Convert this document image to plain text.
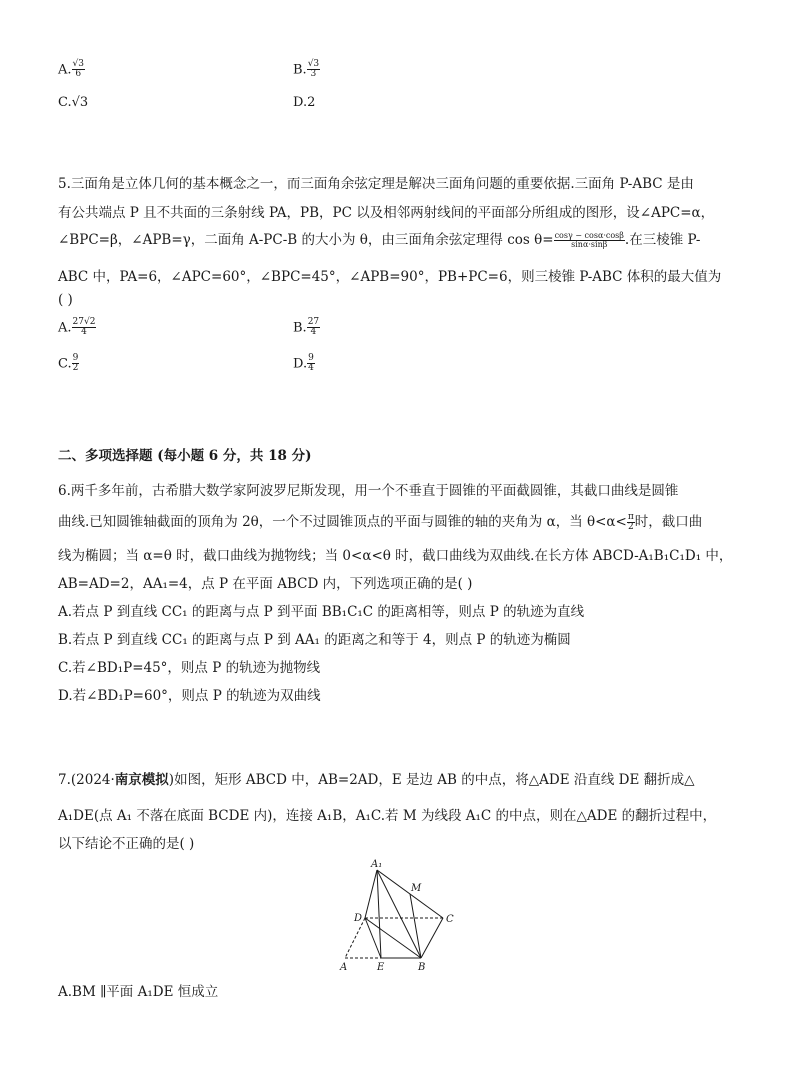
A. $\frac{√3}{6}$	B. $\frac{√3}{3}$
C.√3	D.2
5.三面角是立体几何的基本概念之一，而三面角余弦定理是解决三面角问题的重要依据.三面角 P-ABC 是由
有公共端点 P 且不共面的三条射线 PA，PB，PC 以及相邻两射线间的平面部分所组成的图形，设∠APC=α，
∠BPC=β，∠APB=γ，二面角 A-PC-B 的大小为 θ，由三面角余弦定理得 $\cos \theta= \frac{\cos\gamma - \cos\alpha\cdot\cos\beta}{\sin\alpha\cdot\sin\beta}$ .在三棱锥 P-
ABC 中，PA=6，∠APC=60°，∠BPC=45°，∠APB=90°，PB+PC=6，则三棱锥 P-ABC 体积的最大值为
( )
A. $\frac{27√2}{4}$	B. $\frac{27}{4}$
C. $\frac{9}{2}$	D. $\frac{9}{4}$
二、多项选择题 (每小题 6 分，共 18 分)
6.两千多年前，古希腊大数学家阿波罗尼斯发现，用一个不垂直于圆锥的平面截圆锥，其截口曲线是圆锥
曲线.已知圆锥轴截面的顶角为 2θ，一个不过圆锥顶点的平面与圆锥的轴的夹角为 α，当 $\theta<\alpha< \frac{\pi}{2}$ 时，截口曲
线为椭圆；当 α=θ 时，截口曲线为抛物线；当 0<α<θ 时，截口曲线为双曲线.在长方体 ABCD-A₁B₁C₁D₁ 中，
AB=AD=2，AA₁=4，点 P 在平面 ABCD 内，下列选项正确的是( )
A.若点 P 到直线 CC₁ 的距离与点 P 到平面 BB₁C₁C 的距离相等，则点 P 的轨迹为直线
B.若点 P 到直线 CC₁ 的距离与点 P 到 AA₁ 的距离之和等于 4，则点 P 的轨迹为椭圆
C.若∠BD₁P=45°，则点 P 的轨迹为抛物线
D.若∠BD₁P=60°，则点 P 的轨迹为双曲线
7.(2024·南京模拟)如图，矩形 ABCD 中，AB=2AD，E 是边 AB 的中点，将△ADE 沿直线 DE 翻折成△
A₁DE(点 A₁ 不落在底面 BCDE 内)，连接 A₁B，A₁C.若 M 为线段 A₁C 的中点，则在△ADE 的翻折过程中，
以下结论不正确的是( )
A₁
M
D	C
A	E	B
A.BM ∥平面 A₁DE 恒成立
